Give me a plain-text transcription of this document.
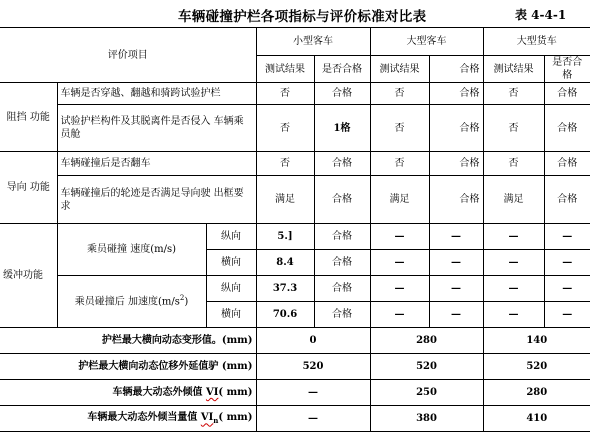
车辆碰撞护栏各项指标与评价标准对比表	表 4-4-1
评价项目			小型客车		大型客车		大型货车	
			测试结果	是否合格	测试结果	合格	测试结果	是否合格
阻挡 功能	车辆是否穿越、翻越和骑跨试验护栏		否	合格	否	合格	否	合格
	试验护栏构件及其脱离件是否侵入 车辆乘员舱		否	1格	否	合格	否	合格
导向 功能	车辆碰撞后是否翻车		否	合格	否	合格	否	合格
	车辆碰撞后的轮迹是否满足导向驶 出框要求		满足	合格	满足	合格	满足	合格
缓冲功能	乘员碰撞 速度(m/s)	纵向	5.]	合格	—	—	—	—
		横向	8.4	合格	—	—	—	—
	乘员碰撞后 加速度$(m/s^2)$	纵向	37.3	合格	—	—	—	—
		横向	70.6	合格	—	—	—	—
护栏最大横向动态变形值。(mm)			0		280		140	
护栏最大横向动态位移外延值驴 (mm)			520		520		520	
车辆最大动态外倾值 VI( mm)			—		250		280	
车辆最大动态外倾当量值 $VI_n$( mm)			—		380		410	
